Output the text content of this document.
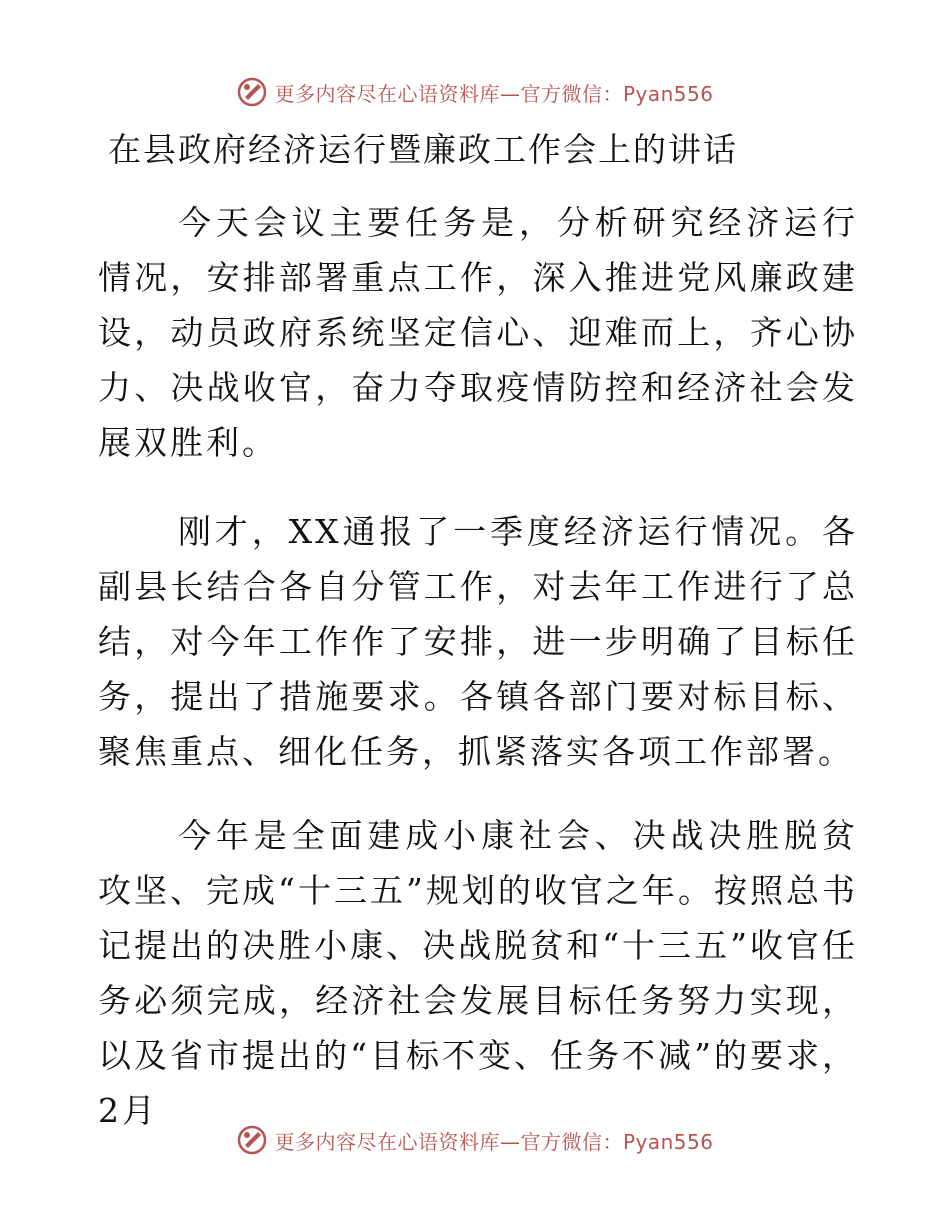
更多内容尽在心语资料库—官方微信：Pyan556
在县政府经济运行暨廉政工作会上的讲话
今天会议主要任务是，分析研究经济运行情况，安排部署重点工作，深入推进党风廉政建设，动员政府系统坚定信心、迎难而上，齐心协力、决战收官，奋力夺取疫情防控和经济社会发展双胜利。
刚才，XX通报了一季度经济运行情况。各副县长结合各自分管工作，对去年工作进行了总结，对今年工作作了安排，进一步明确了目标任务，提出了措施要求。各镇各部门要对标目标、聚焦重点、细化任务，抓紧落实各项工作部署。
今年是全面建成小康社会、决战决胜脱贫攻坚、完成“十三五”规划的收官之年。按照总书记提出的决胜小康、决战脱贫和“十三五”收官任务必须完成，经济社会发展目标任务努力实现，以及省市提出的“目标不变、任务不减”的要求，2月
更多内容尽在心语资料库—官方微信：Pyan556
